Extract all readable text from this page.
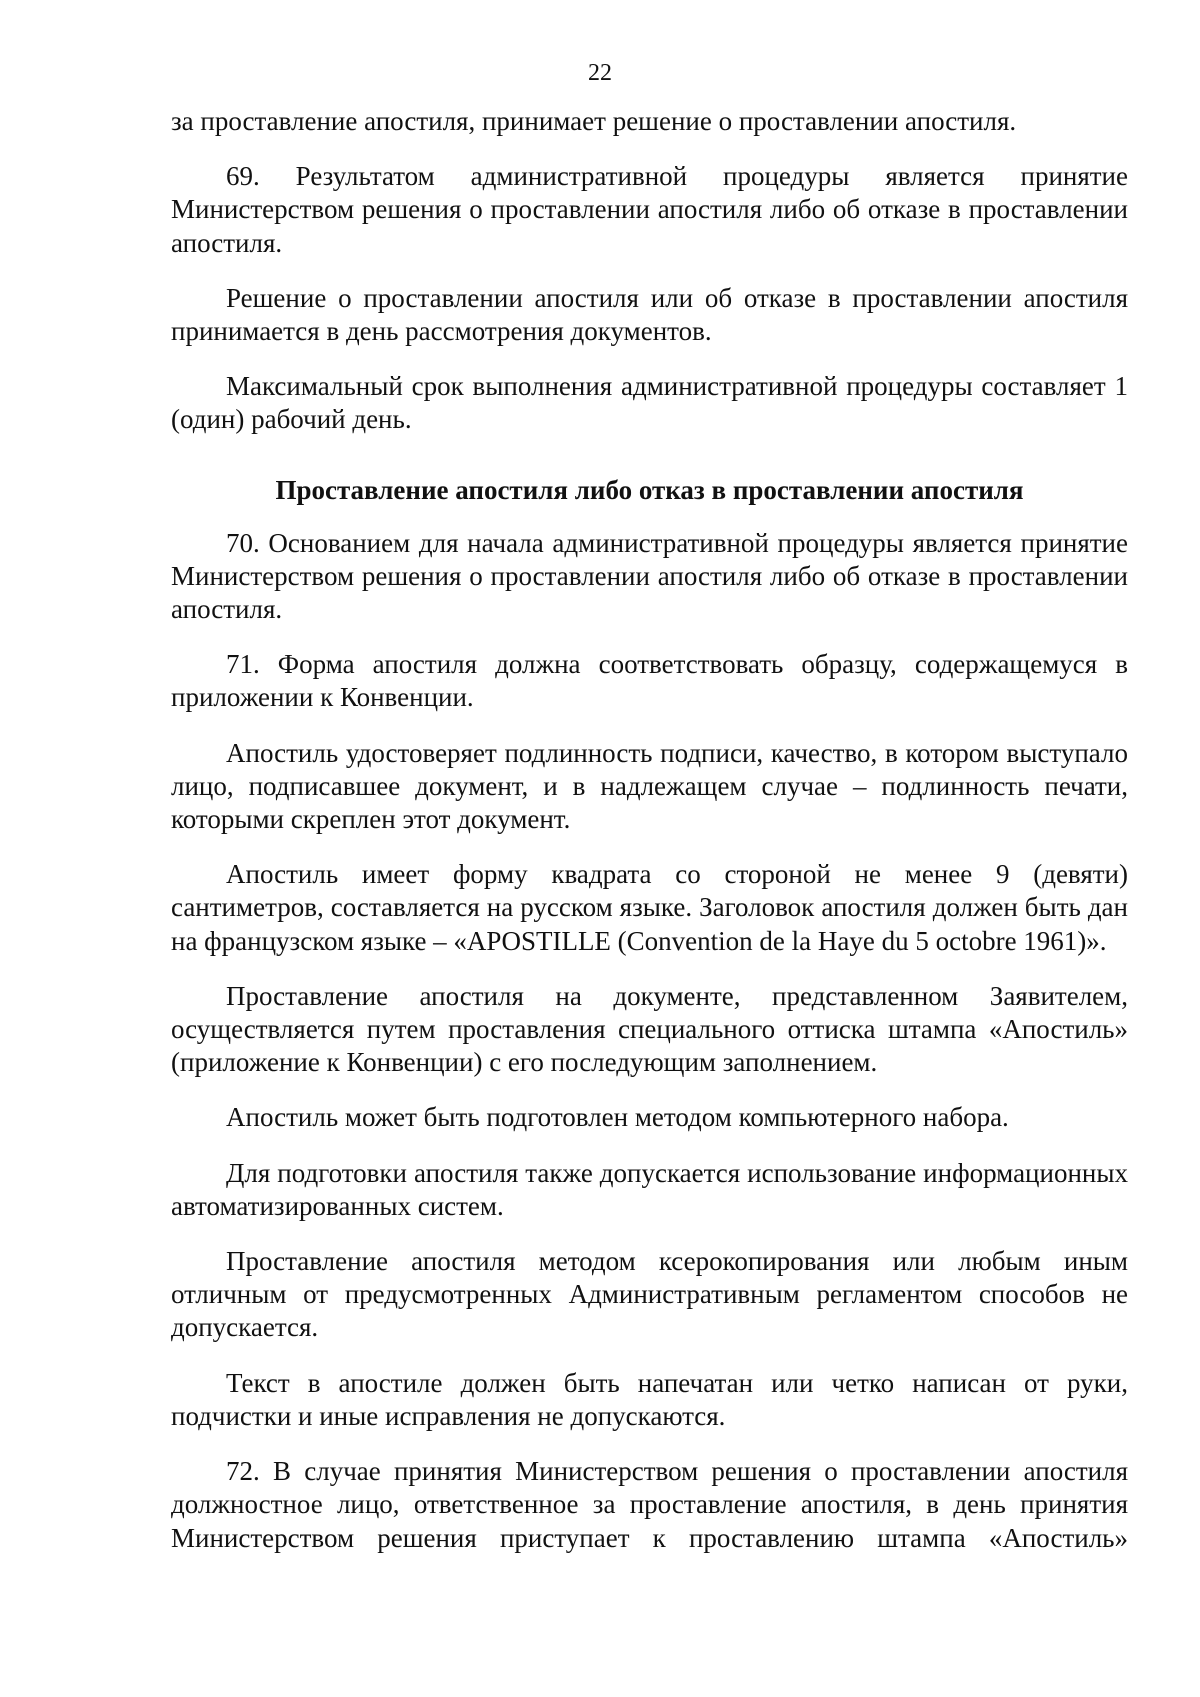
22

за проставление апостиля, принимает решение о проставлении апостиля.

69. Результатом административной процедуры является принятие Министерством решения о проставлении апостиля либо об отказе в проставлении апостиля.

Решение о проставлении апостиля или об отказе в проставлении апостиля принимается в день рассмотрения документов.

Максимальный срок выполнения административной процедуры составляет 1 (один) рабочий день.

Проставление апостиля либо отказ в проставлении апостиля

70. Основанием для начала административной процедуры является принятие Министерством решения о проставлении апостиля либо об отказе в проставлении апостиля.

71. Форма апостиля должна соответствовать образцу, содержащемуся в приложении к Конвенции.

Апостиль удостоверяет подлинность подписи, качество, в котором выступало лицо, подписавшее документ, и в надлежащем случае – подлинность печати, которыми скреплен этот документ.

Апостиль имеет форму квадрата со стороной не менее 9 (девяти) сантиметров, составляется на русском языке. Заголовок апостиля должен быть дан на французском языке – «APOSTILLE (Convention de la Haye du 5 octobre 1961)».

Проставление апостиля на документе, представленном Заявителем, осуществляется путем проставления специального оттиска штампа «Апостиль» (приложение к Конвенции) с его последующим заполнением.

Апостиль может быть подготовлен методом компьютерного набора.

Для подготовки апостиля также допускается использование информационных автоматизированных систем.

Проставление апостиля методом ксерокопирования или любым иным отличным от предусмотренных Административным регламентом способов не допускается.

Текст в апостиле должен быть напечатан или четко написан от руки, подчистки и иные исправления не допускаются.

72. В случае принятия Министерством решения о проставлении апостиля должностное лицо, ответственное за проставление апостиля, в день принятия Министерством решения приступает к проставлению штампа «Апостиль»
